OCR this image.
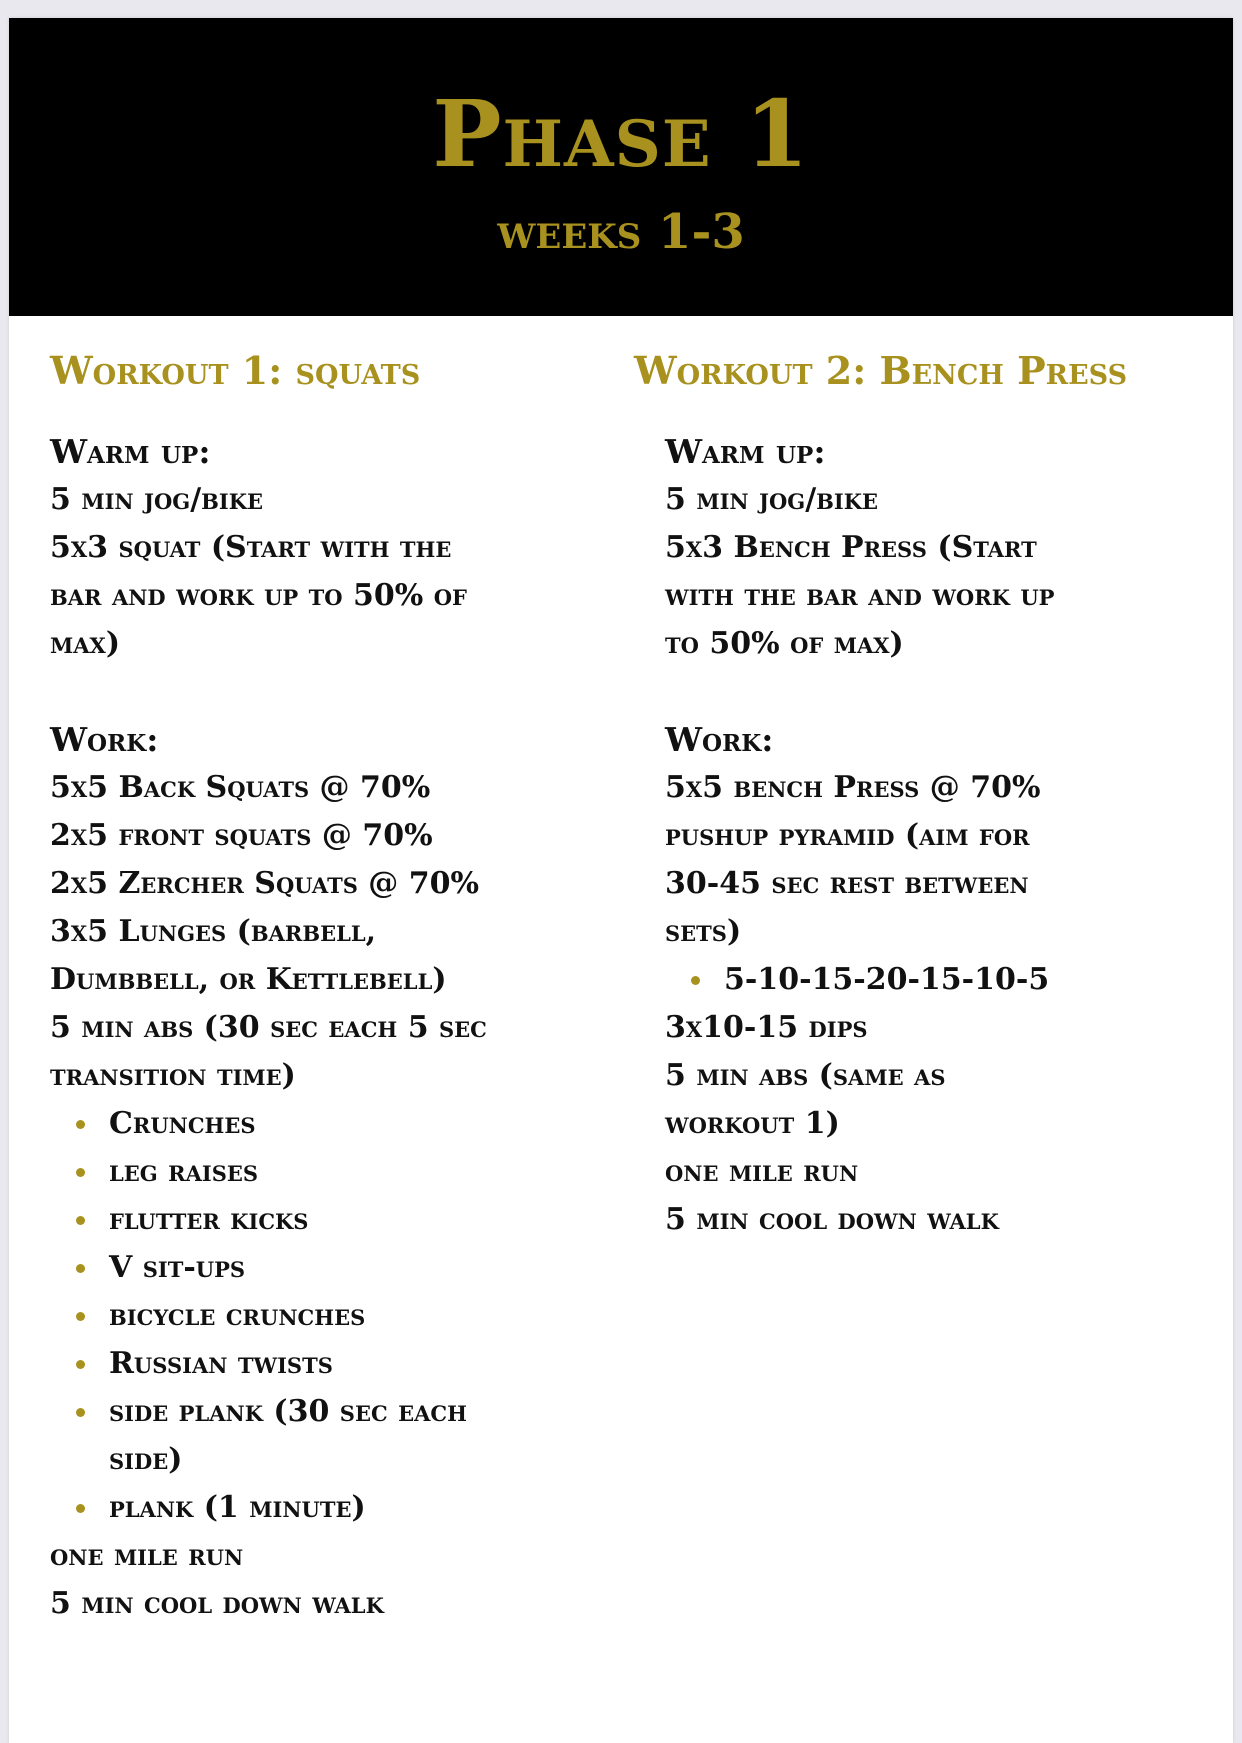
Phase 1
weeks 1-3
Workout 1: squats
Warm up:
5 min jog/bike
5x3 squat (Start with the
bar and work up to 50% of
max)
Work:
5x5 Back Squats @ 70%
2x5 front squats @ 70%
2x5 Zercher Squats @ 70%
3x5 Lunges (barbell,
Dumbbell, or Kettlebell)
5 min abs (30 sec each 5 sec
transition time)
Crunches
leg raises
flutter kicks
V sit-ups
bicycle crunches
Russian twists
side plank (30 sec each side)
plank (1 minute)
one mile run
5 min cool down walk
Workout 2: Bench Press
Warm up:
5 min jog/bike
5x3 Bench Press (Start
with the bar and work up
to 50% of max)
Work:
5x5 bench Press @ 70%
pushup pyramid (aim for
30-45 sec rest between
sets)
5-10-15-20-15-10-5
3x10-15 dips
5 min abs (same as
workout 1)
one mile run
5 min cool down walk
